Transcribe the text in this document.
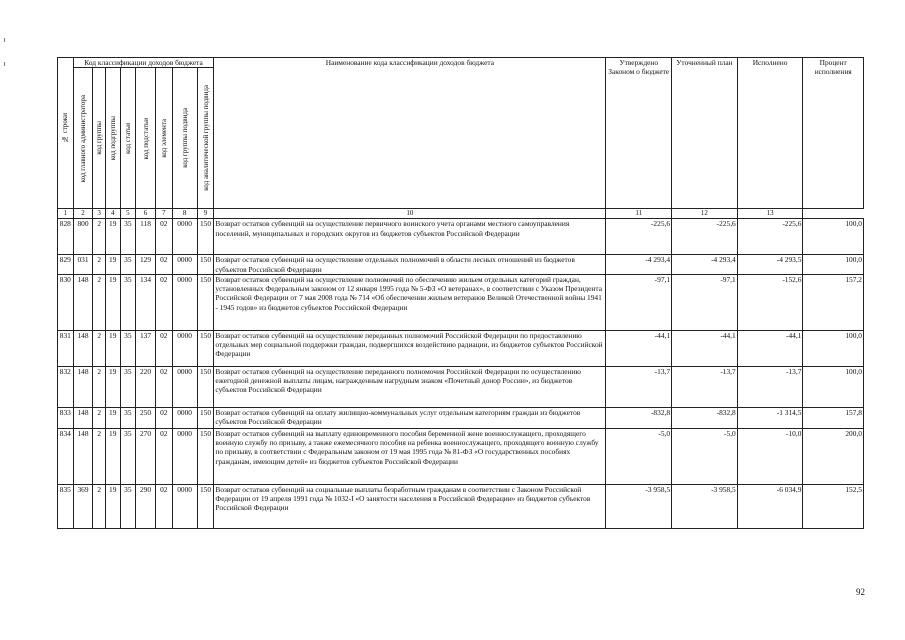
№ строки	Код классификации доходов бюджета								Наименование кода классификации доходов бюджета	Утверждено Законом о бюджете	Уточненный план	Исполнено	Процент исполнения

	код главного администратора	код группы	код подгруппы	код статьи	код подстатьи	код элемента	код группы подвида	код аналитической группы подвида					

1	2	3	4	5	6	7	8	9	10	11	12	13	
828	800	2	19	35	118	02	0000	150	Возврат остатков субвенций на осуществление первичного воинского учета органами местного самоуправления поселений, муниципальных и городских округов из бюджетов субъектов Российской Федерации	-225,6	-225,6	-225,6	100,0
829	031	2	19	35	129	02	0000	150	Возврат остатков субвенций на осуществление отдельных полномочий в области лесных отношений из бюджетов субъектов Российской Федерации	-4 293,4	-4 293,4	-4 293,5	100,0
830	148	2	19	35	134	02	0000	150	Возврат остатков субвенций на осуществление полномочий по обеспечению жильем отдельных категорий граждан, установленных Федеральным законом от 12 января 1995 года № 5-ФЗ «О ветеранах», в соответствии с Указом Президента Российской Федерации от 7 мая 2008 года № 714 «Об обеспечении жильем ветеранов Великой Отечественной войны 1941 - 1945 годов» из бюджетов субъектов Российской Федерации	-97,1	-97,1	-152,6	157,2
831	148	2	19	35	137	02	0000	150	Возврат остатков субвенций на осуществление переданных полномочий Российской Федерации по предоставлению отдельных мер социальной поддержки граждан, подвергшихся воздействию радиации, из бюджетов субъектов Российской Федерации	-44,1	-44,1	-44,1	100,0
832	148	2	19	35	220	02	0000	150	Возврат остатков субвенций на осуществление переданного полномочия Российской Федерации по осуществлению ежегодной денежной выплаты лицам, награжденным нагрудным знаком «Почетный донор России», из бюджетов субъектов Российской Федерации	-13,7	-13,7	-13,7	100,0
833	148	2	19	35	250	02	0000	150	Возврат остатков субвенций на оплату жилищно-коммунальных услуг отдельным категориям граждан из бюджетов субъектов Российской Федерации	-832,8	-832,8	-1 314,5	157,8
834	148	2	19	35	270	02	0000	150	Возврат остатков субвенций на выплату единовременного пособия беременной жене военнослужащего, проходящего военную службу по призыву, а также ежемесячного пособия на ребенка военнослужащего, проходящего военную службу по призыву, в соответствии с Федеральным законом от 19 мая 1995 года № 81-ФЗ «О государственных пособиях гражданам, имеющим детей» из бюджетов субъектов Российской Федерации	-5,0	-5,0	-10,0	200,0
835	369	2	19	35	290	02	0000	150	Возврат остатков субвенций на социальные выплаты безработным гражданам в соответствии с Законом Российской Федерации от 19 апреля 1991 года № 1032-I «О занятости населения в Российской Федерации» из бюджетов субъектов Российской Федерации	-3 958,5	-3 958,5	-6 034,9	152,5
92
